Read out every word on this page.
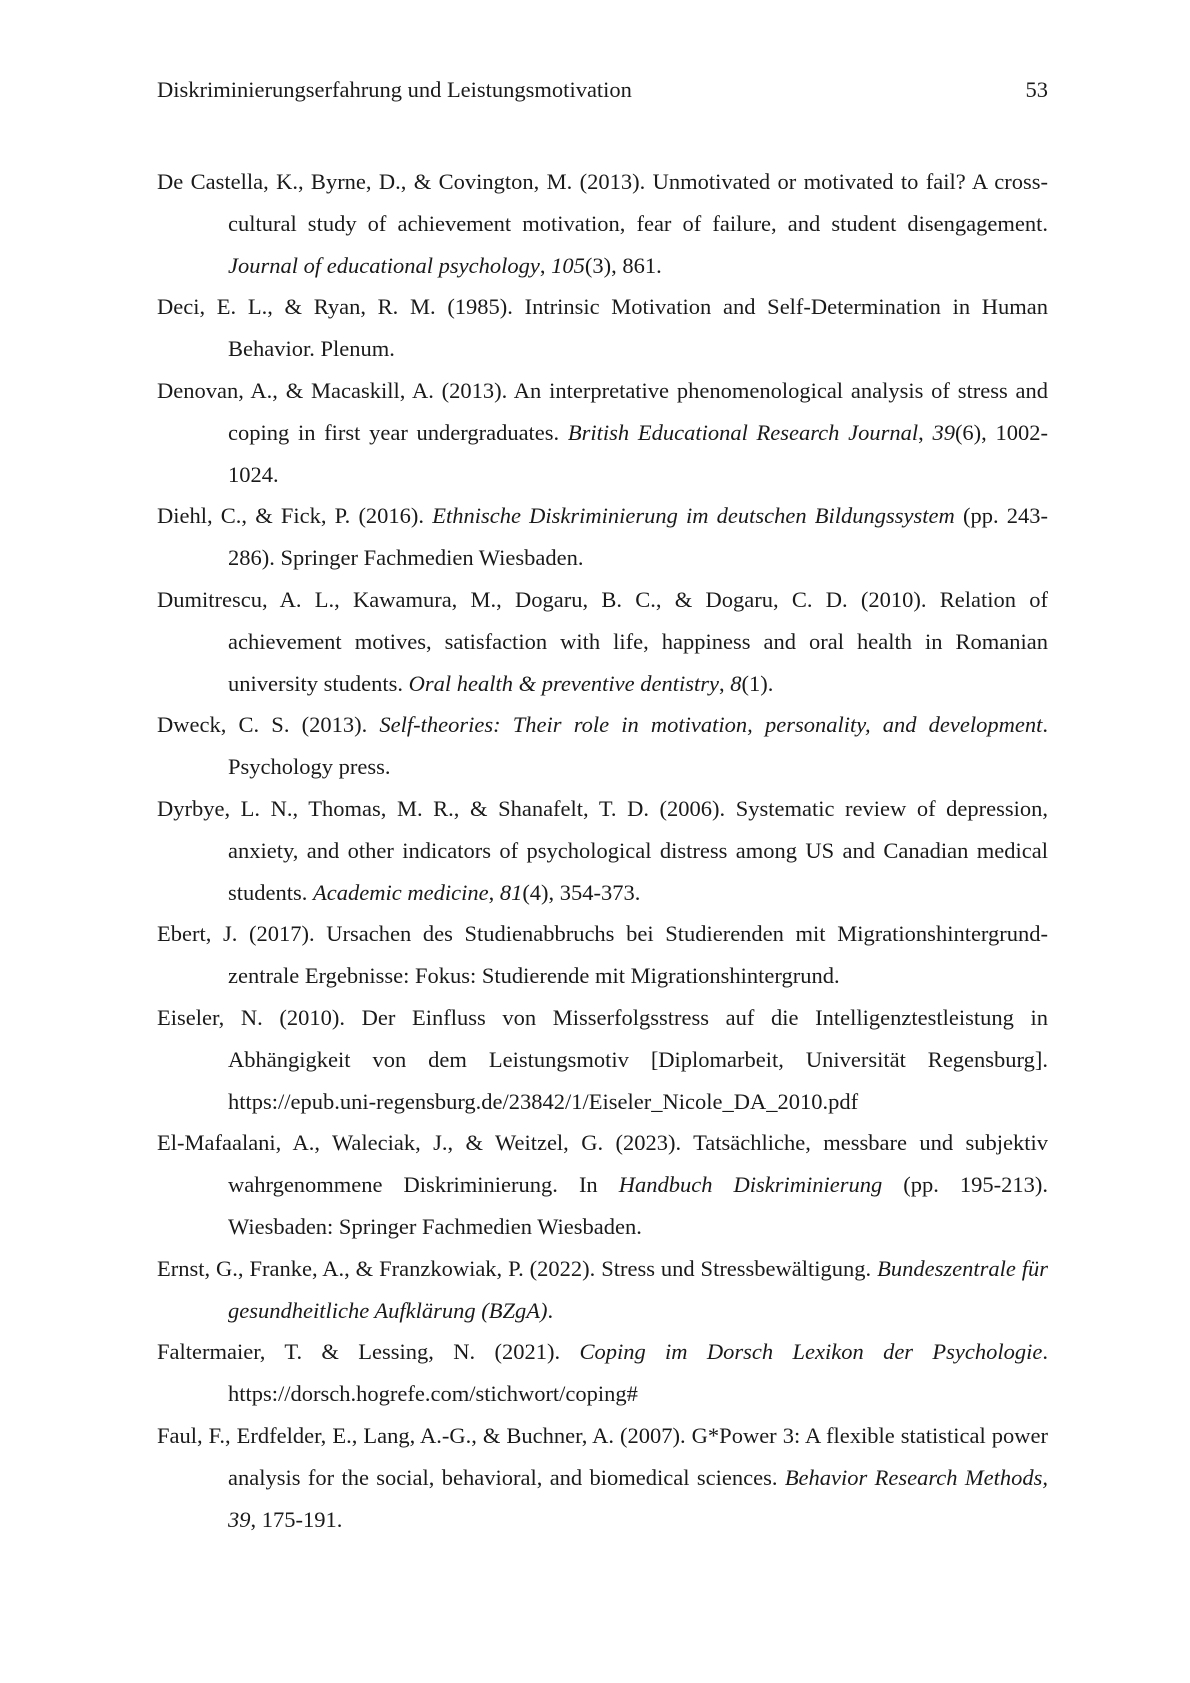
Diskriminierungserfahrung und Leistungsmotivation	53

De Castella, K., Byrne, D., & Covington, M. (2013). Unmotivated or motivated to fail? A cross-cultural study of achievement motivation, fear of failure, and student disengagement. Journal of educational psychology, 105(3), 861.

Deci, E. L., & Ryan, R. M. (1985). Intrinsic Motivation and Self-Determination in Human Behavior. Plenum.

Denovan, A., & Macaskill, A. (2013). An interpretative phenomenological analysis of stress and coping in first year undergraduates. British Educational Research Journal, 39(6), 1002-1024.

Diehl, C., & Fick, P. (2016). Ethnische Diskriminierung im deutschen Bildungssystem (pp. 243-286). Springer Fachmedien Wiesbaden.

Dumitrescu, A. L., Kawamura, M., Dogaru, B. C., & Dogaru, C. D. (2010). Relation of achievement motives, satisfaction with life, happiness and oral health in Romanian university students. Oral health & preventive dentistry, 8(1).

Dweck, C. S. (2013). Self-theories: Their role in motivation, personality, and development. Psychology press.

Dyrbye, L. N., Thomas, M. R., & Shanafelt, T. D. (2006). Systematic review of depression, anxiety, and other indicators of psychological distress among US and Canadian medical students. Academic medicine, 81(4), 354-373.

Ebert, J. (2017). Ursachen des Studienabbruchs bei Studierenden mit Migrationshintergrund-zentrale Ergebnisse: Fokus: Studierende mit Migrationshintergrund.

Eiseler, N. (2010). Der Einfluss von Misserfolgsstress auf die Intelligenztestleistung in Abhängigkeit von dem Leistungsmotiv [Diplomarbeit, Universität Regensburg]. https://epub.uni-regensburg.de/23842/1/Eiseler_Nicole_DA_2010.pdf

El-Mafaalani, A., Waleciak, J., & Weitzel, G. (2023). Tatsächliche, messbare und subjektiv wahrgenommene Diskriminierung. In Handbuch Diskriminierung (pp. 195-213). Wiesbaden: Springer Fachmedien Wiesbaden.

Ernst, G., Franke, A., & Franzkowiak, P. (2022). Stress und Stressbewältigung. Bundeszentrale für gesundheitliche Aufklärung (BZgA).

Faltermaier, T. & Lessing, N. (2021). Coping im Dorsch Lexikon der Psychologie. https://dorsch.hogrefe.com/stichwort/coping#

Faul, F., Erdfelder, E., Lang, A.-G., & Buchner, A. (2007). G*Power 3: A flexible statistical power analysis for the social, behavioral, and biomedical sciences. Behavior Research Methods, 39, 175-191.
